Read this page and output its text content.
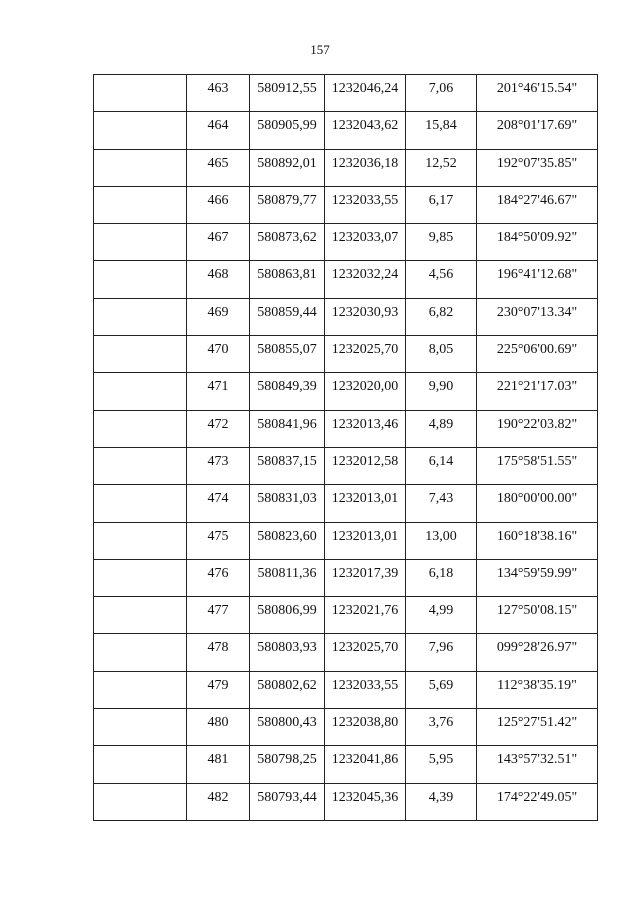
157

	463	580912,55	1232046,24	7,06	201°46'15.54"

	464	580905,99	1232043,62	15,84	208°01'17.69"

	465	580892,01	1232036,18	12,52	192°07'35.85"

	466	580879,77	1232033,55	6,17	184°27'46.67"

	467	580873,62	1232033,07	9,85	184°50'09.92"

	468	580863,81	1232032,24	4,56	196°41'12.68"

	469	580859,44	1232030,93	6,82	230°07'13.34"

	470	580855,07	1232025,70	8,05	225°06'00.69"

	471	580849,39	1232020,00	9,90	221°21'17.03"

	472	580841,96	1232013,46	4,89	190°22'03.82"

	473	580837,15	1232012,58	6,14	175°58'51.55"

	474	580831,03	1232013,01	7,43	180°00'00.00"

	475	580823,60	1232013,01	13,00	160°18'38.16"

	476	580811,36	1232017,39	6,18	134°59'59.99"

	477	580806,99	1232021,76	4,99	127°50'08.15"

	478	580803,93	1232025,70	7,96	099°28'26.97"

	479	580802,62	1232033,55	5,69	112°38'35.19"

	480	580800,43	1232038,80	3,76	125°27'51.42"

	481	580798,25	1232041,86	5,95	143°57'32.51"

	482	580793,44	1232045,36	4,39	174°22'49.05"
